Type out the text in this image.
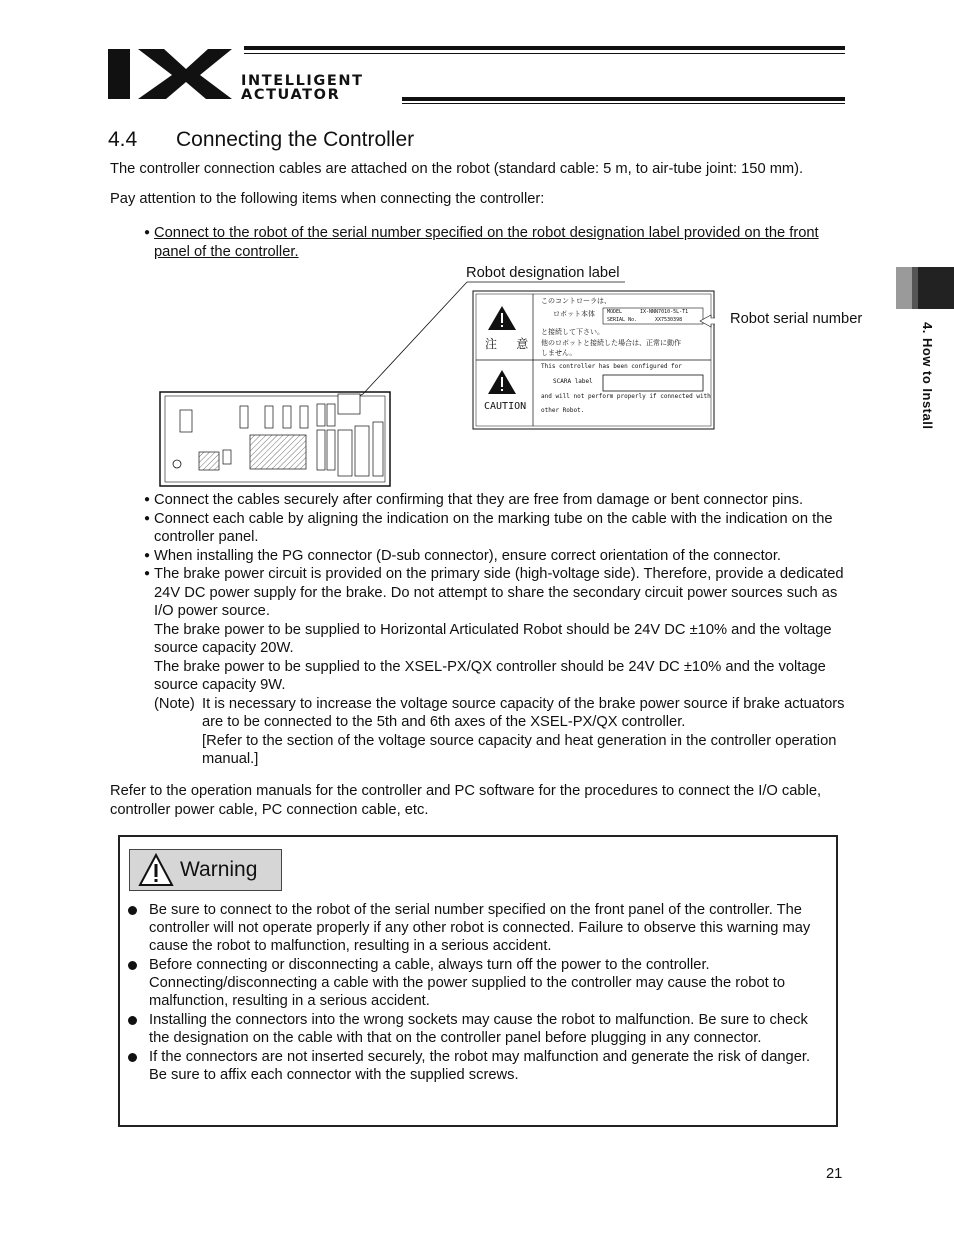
INTELLIGENT
ACTUATOR
4. How to Install
4.4 Connecting the Controller

The controller connection cables are attached on the robot (standard cable: 5 m, to air-tube joint: 150 mm).

Pay attention to the following items when connecting the controller:

● Connect to the robot of the serial number specified on the robot designation label provided on the front panel of the controller.
Robot designation label
Robot serial number
注 意
CAUTION
このコントローラは、
ロボット本体 MODEL	IX-NNN7010-5L-T1
SERIAL No.	XX7530398
と接続して下さい。
他のロボットと接続した場合は、正常に動作
しません。
This controller has been configured for
SCARA label
and will not perform properly if connected with
other Robot.
● Connect the cables securely after confirming that they are free from damage or bent connector pins.
● Connect each cable by aligning the indication on the marking tube on the cable with the indication on the controller panel.
● When installing the PG connector (D-sub connector), ensure correct orientation of the connector.
● The brake power circuit is provided on the primary side (high-voltage side). Therefore, provide a dedicated 24V DC power supply for the brake. Do not attempt to share the secondary circuit power sources such as I/O power source.
The brake power to be supplied to Horizontal Articulated Robot should be 24V DC ±10% and the voltage source capacity 20W.
The brake power to be supplied to the XSEL-PX/QX controller should be 24V DC ±10% and the voltage source capacity 9W.
(Note) It is necessary to increase the voltage source capacity of the brake power source if brake actuators are to be connected to the 5th and 6th axes of the XSEL-PX/QX controller.
[Refer to the section of the voltage source capacity and heat generation in the controller operation manual.]

Refer to the operation manuals for the controller and PC software for the procedures to connect the I/O cable, controller power cable, PC connection cable, etc.

Warning
Be sure to connect to the robot of the serial number specified on the front panel of the controller. The controller will not operate properly if any other robot is connected. Failure to observe this warning may cause the robot to malfunction, resulting in a serious accident.
Before connecting or disconnecting a cable, always turn off the power to the controller. Connecting/disconnecting a cable with the power supplied to the controller may cause the robot to malfunction, resulting in a serious accident.
Installing the connectors into the wrong sockets may cause the robot to malfunction. Be sure to check the designation on the cable with that on the controller panel before plugging in any connector.
If the connectors are not inserted securely, the robot may malfunction and generate the risk of danger. Be sure to affix each connector with the supplied screws.
21
